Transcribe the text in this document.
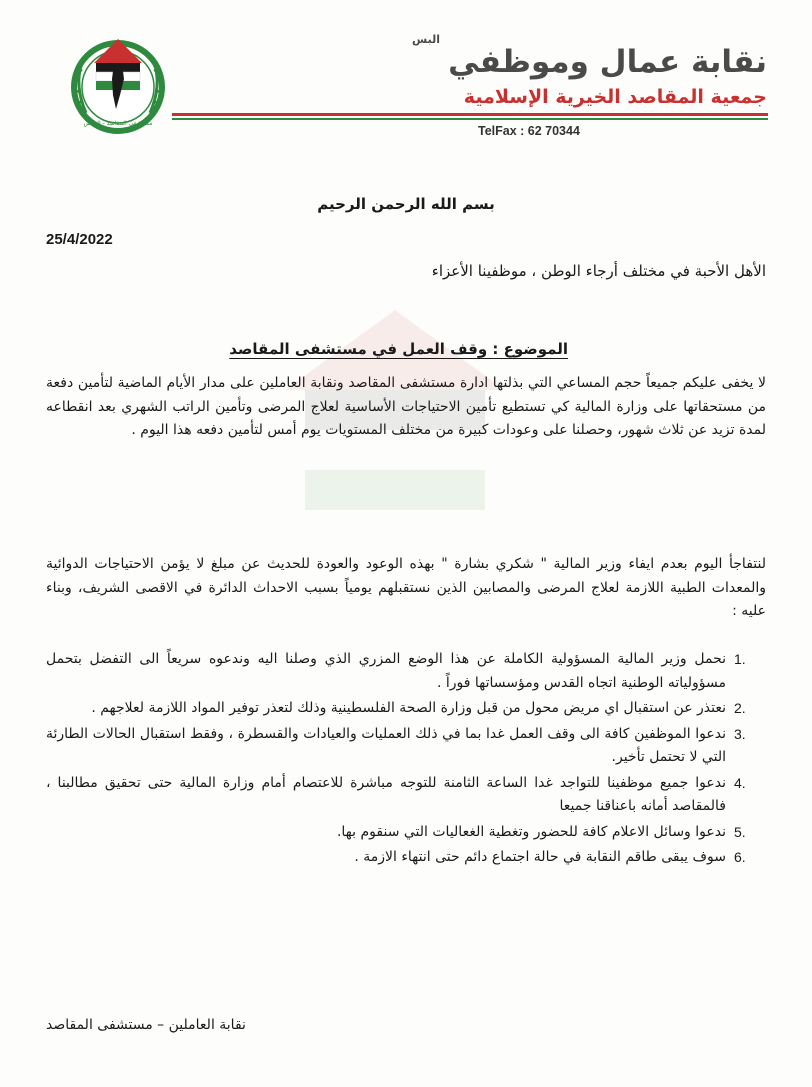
مستشفى المقاصد - القدس
البس
نقابة عمال وموظفي
جمعية المقاصد الخيرية الإسلامية
TelFax : 62 70344
بسم الله الرحمن الرحيم
25/4/2022
الأهل الأحبة في مختلف أرجاء الوطن ، موظفينا الأعزاء
الموضوع : وقف العمل في مستشفى المقاصد
لا يخفى عليكم جميعاً حجم المساعي التي بذلتها ادارة مستشفى المقاصد ونقابة العاملين على مدار الأيام الماضية لتأمين دفعة من مستحقاتها على وزارة المالية كي تستطيع تأمين الاحتياجات الأساسية لعلاج المرضى وتأمين الراتب الشهري بعد انقطاعه لمدة تزيد عن ثلاث شهور، وحصلنا على وعودات كبيرة من مختلف المستويات يوم أمس لتأمين دفعه هذا اليوم .
لنتفاجأ اليوم بعدم ايفاء وزير المالية " شكري بشارة " بهذه الوعود والعودة للحديث عن مبلغ لا يؤمن الاحتياجات الدوائية والمعدات الطبية اللازمة لعلاج المرضى والمصابين الذين نستقبلهم يومياً بسبب الاحداث الدائرة في الاقصى الشريف، وبناء عليه :
1.
نحمل وزير المالية المسؤولية الكاملة عن هذا الوضع المزري الذي وصلنا اليه وندعوه سريعاً الى التفضل بتحمل مسؤولياته الوطنية اتجاه القدس ومؤسساتها فوراً .
2.
نعتذر عن استقبال اي مريض محول من قبل وزارة الصحة الفلسطينية وذلك لتعذر توفير المواد اللازمة لعلاجهم .
3.
ندعوا الموظفين كافة الى وقف العمل غدا بما في ذلك العمليات والعيادات والقسطرة ، وفقط استقبال الحالات الطارئة التي لا تحتمل تأخير.
4.
ندعوا جميع موظفينا للتواجد غدا الساعة الثامنة للتوجه مباشرة للاعتصام أمام وزارة المالية حتى تحقيق مطالبنا ، فالمقاصد أمانه باعناقنا جميعا
5.
ندعوا وسائل الاعلام كافة للحضور وتغطية الغعاليات التي سنقوم بها.
6.
سوف يبقى طاقم النقابة في حالة اجتماع دائم حتى انتهاء الازمة .
نقابة العاملين – مستشفى المقاصد
